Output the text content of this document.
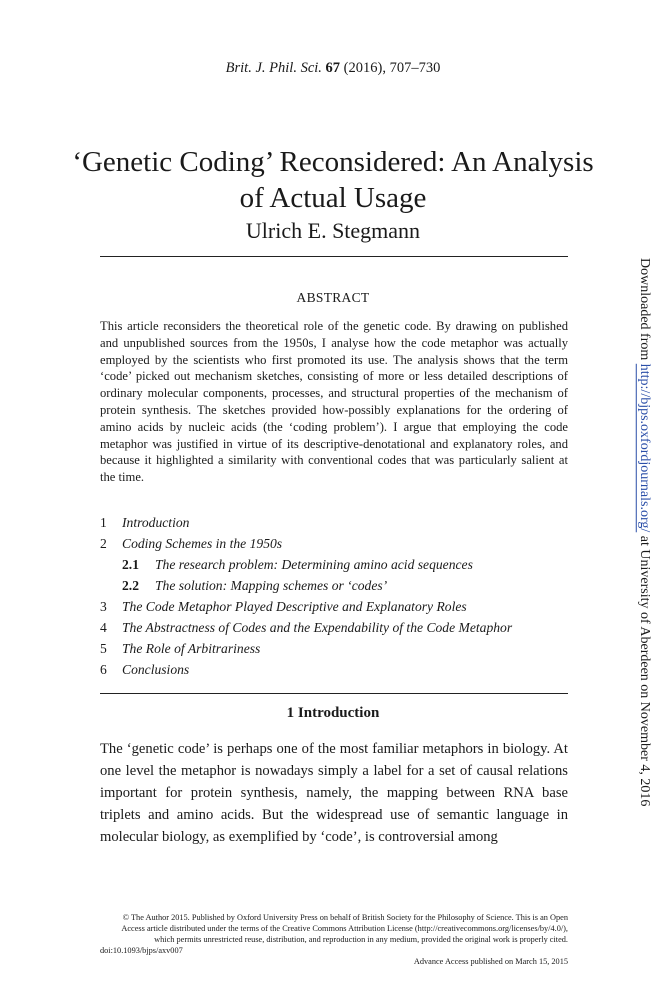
Brit. J. Phil. Sci. 67 (2016), 707–730
‘Genetic Coding’ Reconsidered: An Analysis of Actual Usage
Ulrich E. Stegmann
ABSTRACT

This article reconsiders the theoretical role of the genetic code. By drawing on published and unpublished sources from the 1950s, I analyse how the code metaphor was actually employed by the scientists who first promoted its use. The analysis shows that the term ‘code’ picked out mechanism sketches, consisting of more or less detailed descriptions of ordinary molecular components, processes, and structural properties of the mechanism of protein synthesis. The sketches provided how-possibly explanations for the ordering of amino acids by nucleic acids (the ‘coding problem’). I argue that employing the code metaphor was justified in virtue of its descriptive-denotational and explanatory roles, and because it highlighted a similarity with conventional codes that was particularly salient at the time.

1 Introduction
2 Coding Schemes in the 1950s
2.1 The research problem: Determining amino acid sequences
2.2 The solution: Mapping schemes or ‘codes’
3 The Code Metaphor Played Descriptive and Explanatory Roles
4 The Abstractness of Codes and the Expendability of the Code Metaphor
5 The Role of Arbitrariness
6 Conclusions
1 Introduction

The ‘genetic code’ is perhaps one of the most familiar metaphors in biology. At one level the metaphor is nowadays simply a label for a set of causal relations important for protein synthesis, namely, the mapping between RNA base triplets and amino acids. But the widespread use of semantic language in molecular biology, as exemplified by ‘code’, is controversial among

© The Author 2015. Published by Oxford University Press on behalf of British Society for the Philosophy of Science. This is an Open Access article distributed under the terms of the Creative Commons Attribution License (http://creativecommons.org/licenses/by/4.0/), which permits unrestricted reuse, distribution, and reproduction in any medium, provided the original work is properly cited.

doi:10.1093/bjps/axv007
Advance Access published on March 15, 2015
Downloaded from http://bjps.oxfordjournals.org/ at University of Aberdeen on November 4, 2016
